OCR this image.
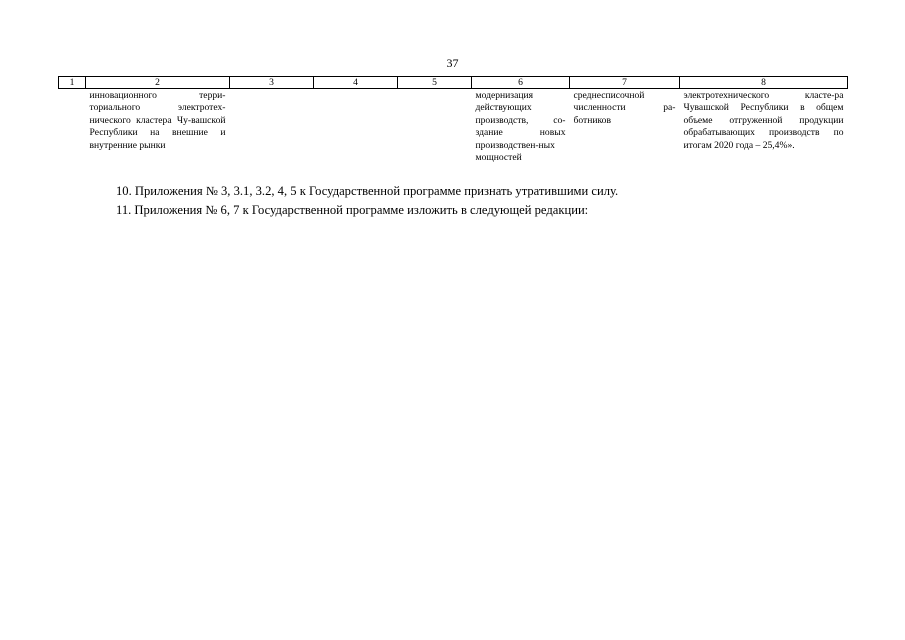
37
1	2	3	4	5	6	7	8
	инновационного терри-ториального электротех-нического кластера Чу-вашской Республики на внешние и внутренние рынки				модернизация действующих производств, со-здание новых производствен-ных мощностей	среднесписочной численности ра-ботников	электротехнического класте-ра Чувашской Республики в общем объеме отгруженной продукции обрабатывающих производств по итогам 2020 года – 25,4%».
10. Приложения № 3, 3.1, 3.2, 4, 5 к Государственной программе признать утратившими силу.
11. Приложения № 6, 7 к Государственной программе изложить в следующей редакции:
